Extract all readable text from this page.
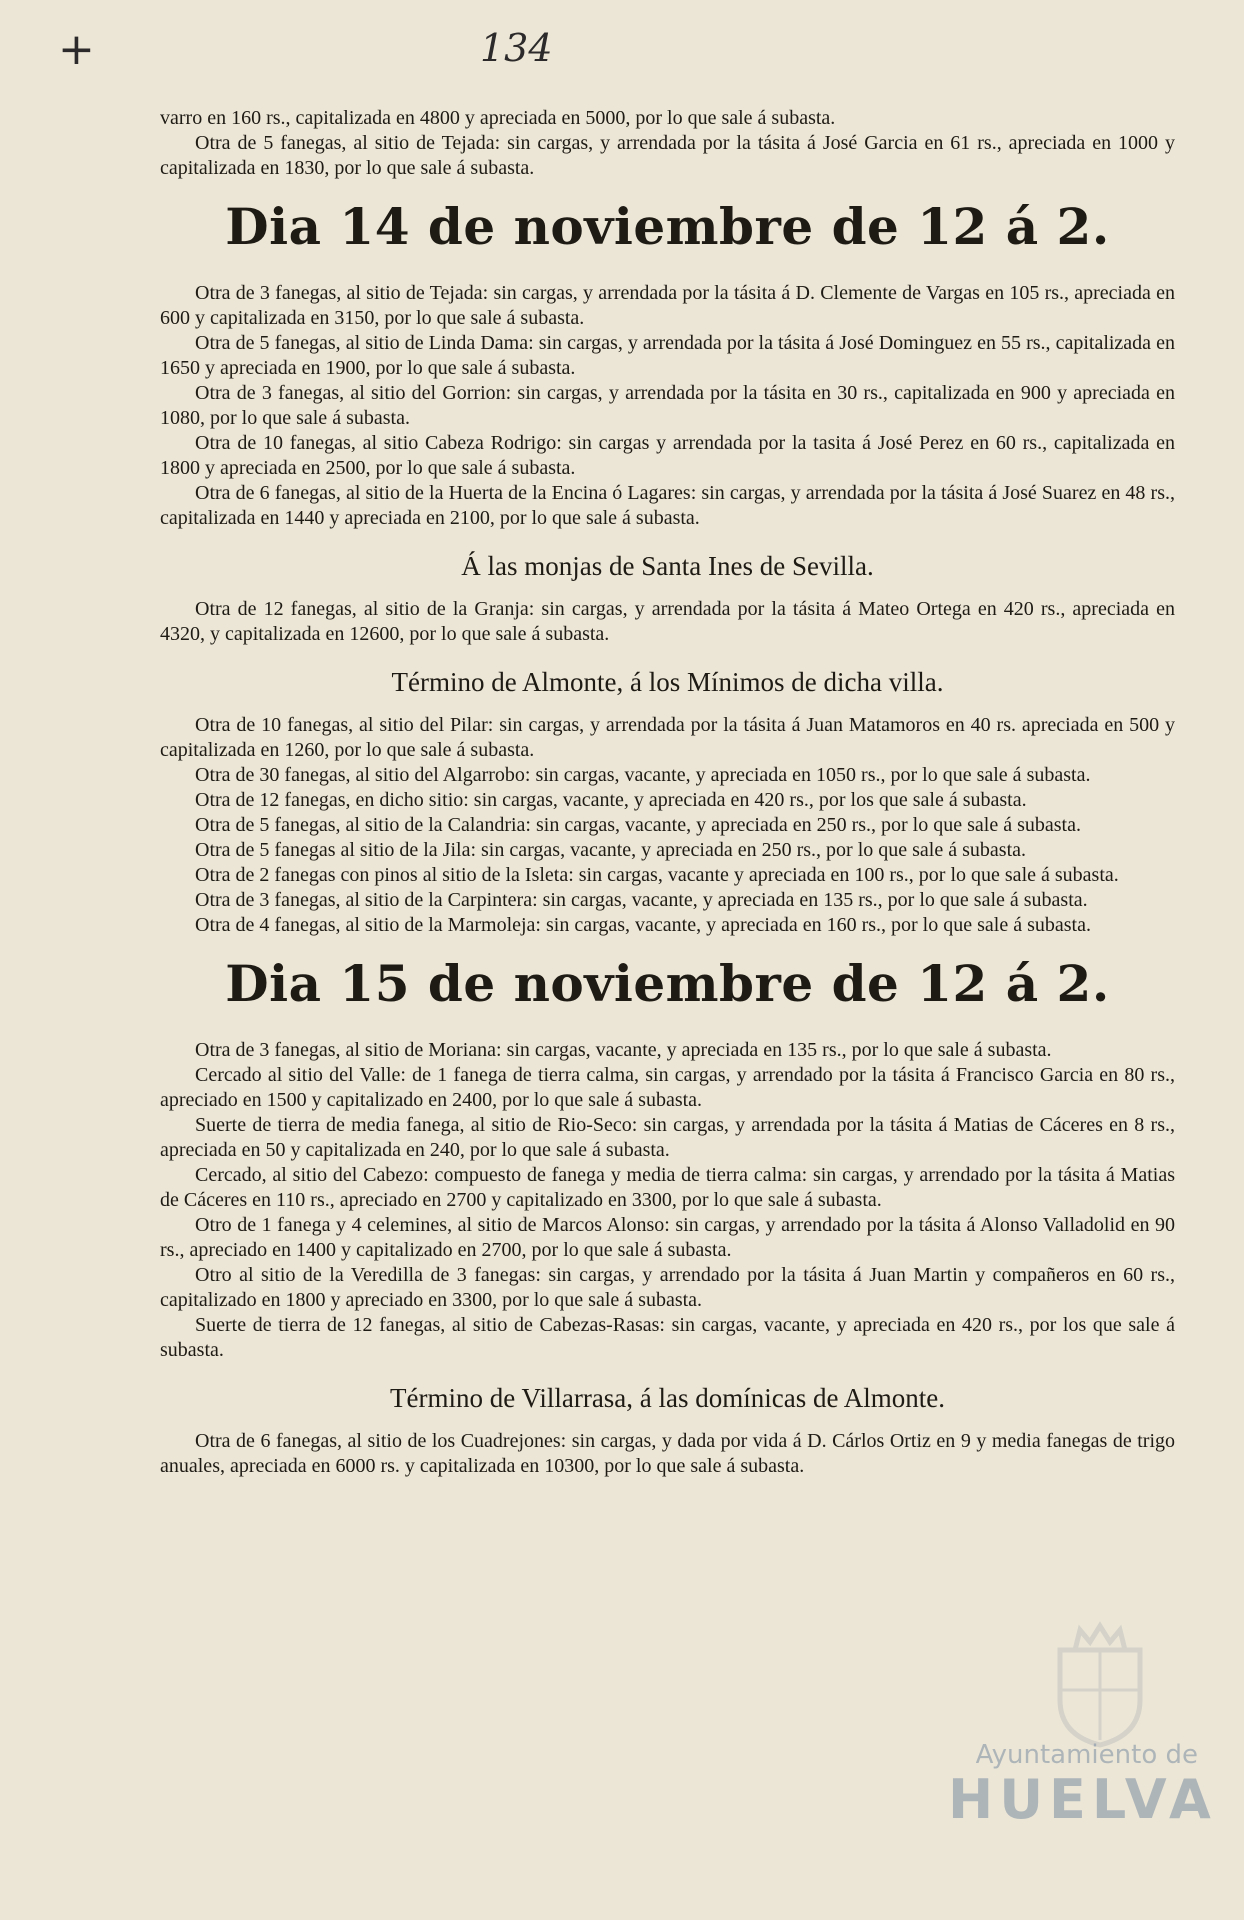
+	134

varro en 160 rs., capitalizada en 4800 y apreciada en 5000, por lo que sale á subasta.

Otra de 5 fanegas, al sitio de Tejada: sin cargas, y arrendada por la tásita á José Garcia en 61 rs., apreciada en 1000 y capitalizada en 1830, por lo que sale á subasta.

Dia 14 de noviembre de 12 á 2.

Otra de 3 fanegas, al sitio de Tejada: sin cargas, y arrendada por la tásita á D. Clemente de Vargas en 105 rs., apreciada en 600 y capitalizada en 3150, por lo que sale á subasta.

Otra de 5 fanegas, al sitio de Linda Dama: sin cargas, y arrendada por la tásita á José Dominguez en 55 rs., capitalizada en 1650 y apreciada en 1900, por lo que sale á subasta.

Otra de 3 fanegas, al sitio del Gorrion: sin cargas, y arrendada por la tásita en 30 rs., capitalizada en 900 y apreciada en 1080, por lo que sale á subasta.

Otra de 10 fanegas, al sitio Cabeza Rodrigo: sin cargas y arrendada por la tasita á José Perez en 60 rs., capitalizada en 1800 y apreciada en 2500, por lo que sale á subasta.

Otra de 6 fanegas, al sitio de la Huerta de la Encina ó Lagares: sin cargas, y arrendada por la tásita á José Suarez en 48 rs., capitalizada en 1440 y apreciada en 2100, por lo que sale á subasta.

Á las monjas de Santa Ines de Sevilla.

Otra de 12 fanegas, al sitio de la Granja: sin cargas, y arrendada por la tásita á Mateo Ortega en 420 rs., apreciada en 4320, y capitalizada en 12600, por lo que sale á subasta.

Término de Almonte, á los Mínimos de dicha villa.

Otra de 10 fanegas, al sitio del Pilar: sin cargas, y arrendada por la tásita á Juan Matamoros en 40 rs. apreciada en 500 y capitalizada en 1260, por lo que sale á subasta.

Otra de 30 fanegas, al sitio del Algarrobo: sin cargas, vacante, y apreciada en 1050 rs., por lo que sale á subasta.

Otra de 12 fanegas, en dicho sitio: sin cargas, vacante, y apreciada en 420 rs., por los que sale á subasta.

Otra de 5 fanegas, al sitio de la Calandria: sin cargas, vacante, y apreciada en 250 rs., por lo que sale á subasta.

Otra de 5 fanegas al sitio de la Jila: sin cargas, vacante, y apreciada en 250 rs., por lo que sale á subasta.

Otra de 2 fanegas con pinos al sitio de la Isleta: sin cargas, vacante y apreciada en 100 rs., por lo que sale á subasta.

Otra de 3 fanegas, al sitio de la Carpintera: sin cargas, vacante, y apreciada en 135 rs., por lo que sale á subasta.

Otra de 4 fanegas, al sitio de la Marmoleja: sin cargas, vacante, y apreciada en 160 rs., por lo que sale á subasta.

Dia 15 de noviembre de 12 á 2.

Otra de 3 fanegas, al sitio de Moriana: sin cargas, vacante, y apreciada en 135 rs., por lo que sale á subasta.

Cercado al sitio del Valle: de 1 fanega de tierra calma, sin cargas, y arrendado por la tásita á Francisco Garcia en 80 rs., apreciado en 1500 y capitalizado en 2400, por lo que sale á subasta.

Suerte de tierra de media fanega, al sitio de Rio-Seco: sin cargas, y arrendada por la tásita á Matias de Cáceres en 8 rs., apreciada en 50 y capitalizada en 240, por lo que sale á subasta.

Cercado, al sitio del Cabezo: compuesto de fanega y media de tierra calma: sin cargas, y arrendado por la tásita á Matias de Cáceres en 110 rs., apreciado en 2700 y capitalizado en 3300, por lo que sale á subasta.

Otro de 1 fanega y 4 celemines, al sitio de Marcos Alonso: sin cargas, y arrendado por la tásita á Alonso Valladolid en 90 rs., apreciado en 1400 y capitalizado en 2700, por lo que sale á subasta.

Otro al sitio de la Veredilla de 3 fanegas: sin cargas, y arrendado por la tásita á Juan Martin y compañeros en 60 rs., capitalizado en 1800 y apreciado en 3300, por lo que sale á subasta.

Suerte de tierra de 12 fanegas, al sitio de Cabezas-Rasas: sin cargas, vacante, y apreciada en 420 rs., por los que sale á subasta.

Término de Villarrasa, á las domínicas de Almonte.

Otra de 6 fanegas, al sitio de los Cuadrejones: sin cargas, y dada por vida á D. Cárlos Ortiz en 9 y media fanegas de trigo anuales, apreciada en 6000 rs. y capitalizada en 10300, por lo que sale á subasta.

Ayuntamiento de
HUELVA
